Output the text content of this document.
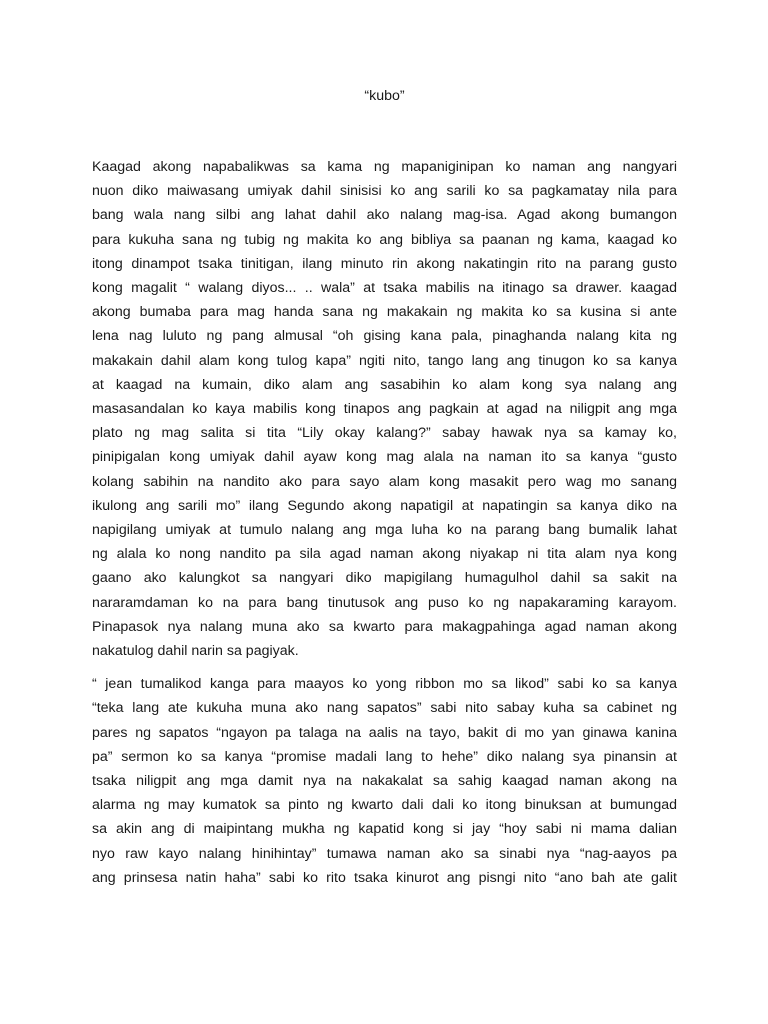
“kubo”

Kaagad akong napabalikwas sa kama ng mapaniginipan ko naman ang nangyari
nuon diko maiwasang umiyak dahil sinisisi ko ang sarili ko sa pagkamatay nila para
bang wala nang silbi ang lahat dahil ako nalang mag-isa. Agad akong bumangon
para kukuha sana ng tubig ng makita ko ang bibliya sa paanan ng kama, kaagad ko
itong dinampot tsaka tinitigan, ilang minuto rin akong nakatingin rito na parang gusto
kong magalit “ walang diyos... .. wala” at tsaka mabilis na itinago sa drawer. kaagad
akong bumaba para mag handa sana ng makakain ng makita ko sa kusina si ante
lena nag luluto ng pang almusal “oh gising kana pala, pinaghanda nalang kita ng
makakain dahil alam kong tulog kapa” ngiti nito, tango lang ang tinugon ko sa kanya
at kaagad na kumain, diko alam ang sasabihin ko alam kong sya nalang ang
masasandalan ko kaya mabilis kong tinapos ang pagkain at agad na niligpit ang mga
plato ng mag salita si tita “Lily okay kalang?” sabay hawak nya sa kamay ko,
pinipigalan kong umiyak dahil ayaw kong mag alala na naman ito sa kanya “gusto
kolang sabihin na nandito ako para sayo alam kong masakit pero wag mo sanang
ikulong ang sarili mo” ilang Segundo akong napatigil at napatingin sa kanya diko na
napigilang umiyak at tumulo nalang ang mga luha ko na parang bang bumalik lahat
ng alala ko nong nandito pa sila agad naman akong niyakap ni tita alam nya kong
gaano ako kalungkot sa nangyari diko mapigilang humagulhol dahil sa sakit na
nararamdaman ko na para bang tinutusok ang puso ko ng napakaraming karayom.
Pinapasok nya nalang muna ako sa kwarto para makagpahinga agad naman akong
nakatulog dahil narin sa pagiyak.

“ jean tumalikod kanga para maayos ko yong ribbon mo sa likod” sabi ko sa kanya
“teka lang ate kukuha muna ako nang sapatos” sabi nito sabay kuha sa cabinet ng
pares ng sapatos “ngayon pa talaga na aalis na tayo, bakit di mo yan ginawa kanina
pa” sermon ko sa kanya “promise madali lang to hehe” diko nalang sya pinansin at
tsaka niligpit ang mga damit nya na nakakalat sa sahig kaagad naman akong na
alarma ng may kumatok sa pinto ng kwarto dali dali ko itong binuksan at bumungad
sa akin ang di maipintang mukha ng kapatid kong si jay “hoy sabi ni mama dalian
nyo raw kayo nalang hinihintay” tumawa naman ako sa sinabi nya “nag-aayos pa
ang prinsesa natin haha” sabi ko rito tsaka kinurot ang pisngi nito “ano bah ate galit
